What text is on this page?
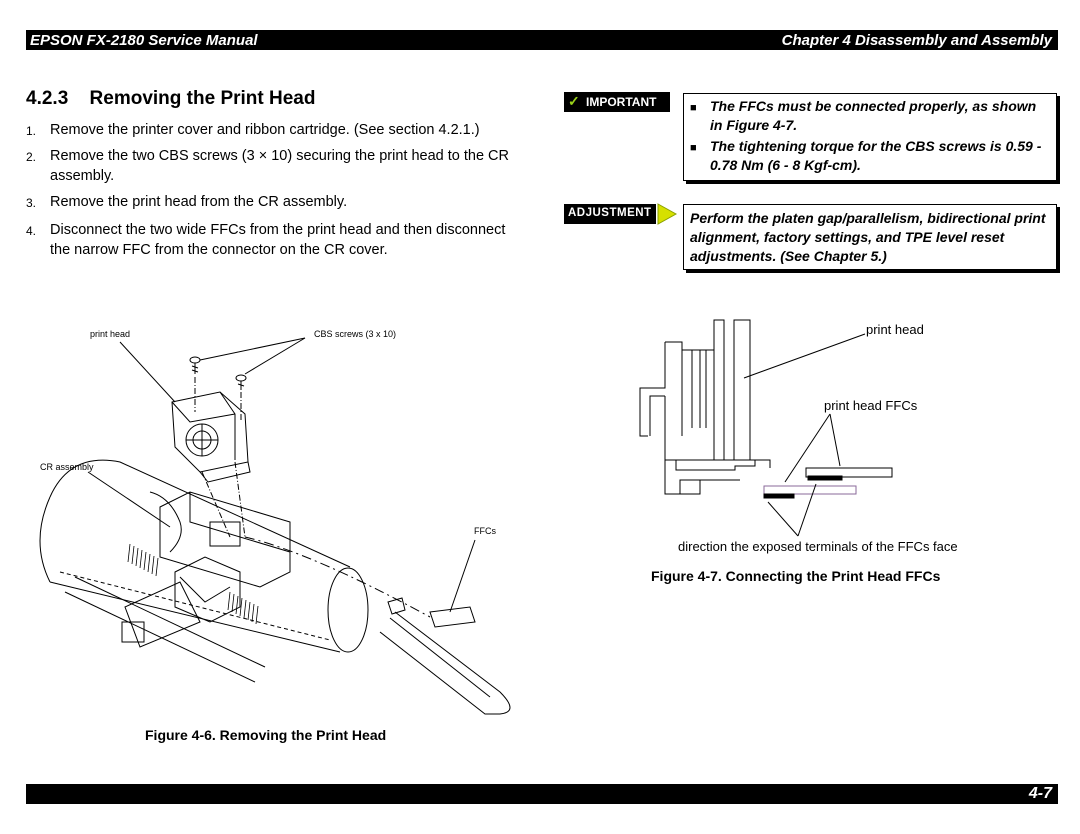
EPSON FX-2180 Service Manual	Chapter 4 Disassembly and Assembly
4.2.3 Removing the Print Head
1. Remove the printer cover and ribbon cartridge. (See section 4.2.1.)
2. Remove the two CBS screws (3 × 10) securing the print head to the CR assembly.
3. Remove the print head from the CR assembly.
4. Disconnect the two wide FFCs from the print head and then disconnect the narrow FFC from the connector on the CR cover.
✓ IMPORTANT	■ The FFCs must be connected properly, as shown in Figure 4-7.
■ The tightening torque for the CBS screws is 0.59 - 0.78 Nm (6 - 8 Kgf-cm).
ADJUSTMENT	Perform the platen gap/parallelism, bidirectional print alignment, factory settings, and TPE level reset adjustments. (See Chapter 5.)
print head	CBS screws (3 x 10)
CR assembly
FFCs
Figure 4-6. Removing the Print Head
print head
print head FFCs
direction the exposed terminals of the FFCs face
Figure 4-7. Connecting the Print Head FFCs
4-7
